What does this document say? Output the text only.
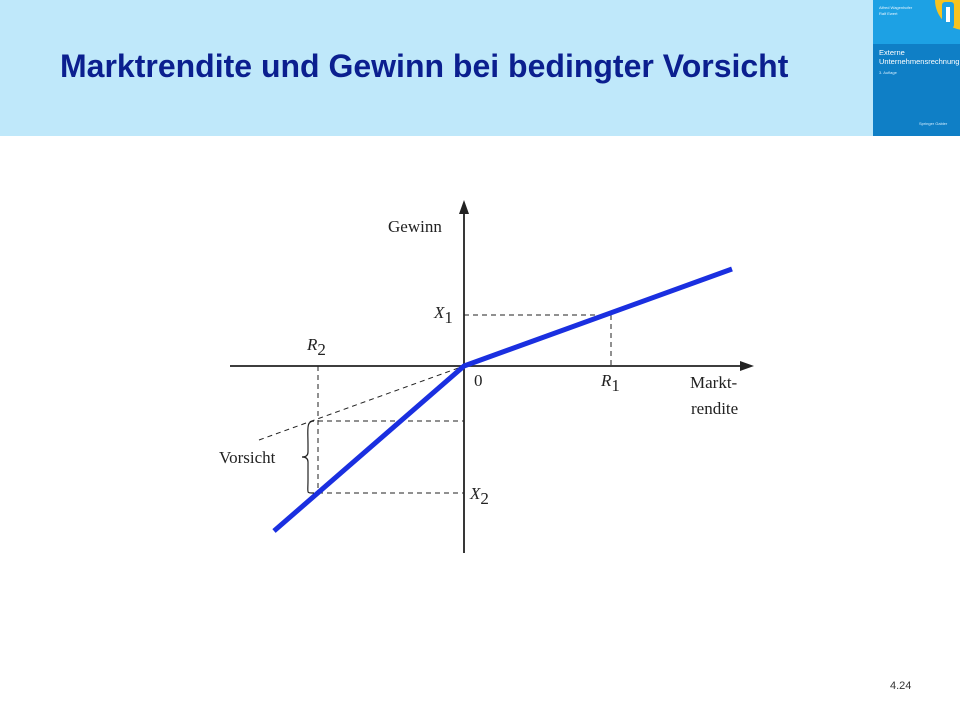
Marktrendite und Gewinn bei bedingter Vorsicht
Alfred Wagenhofer
Ralf Ewert
Externe
Unternehmensrechnung
3. Auflage
Springer Gabler
Gewinn
Markt-
rendite
0
X1
X2
R1
R2
Vorsicht
4.24
